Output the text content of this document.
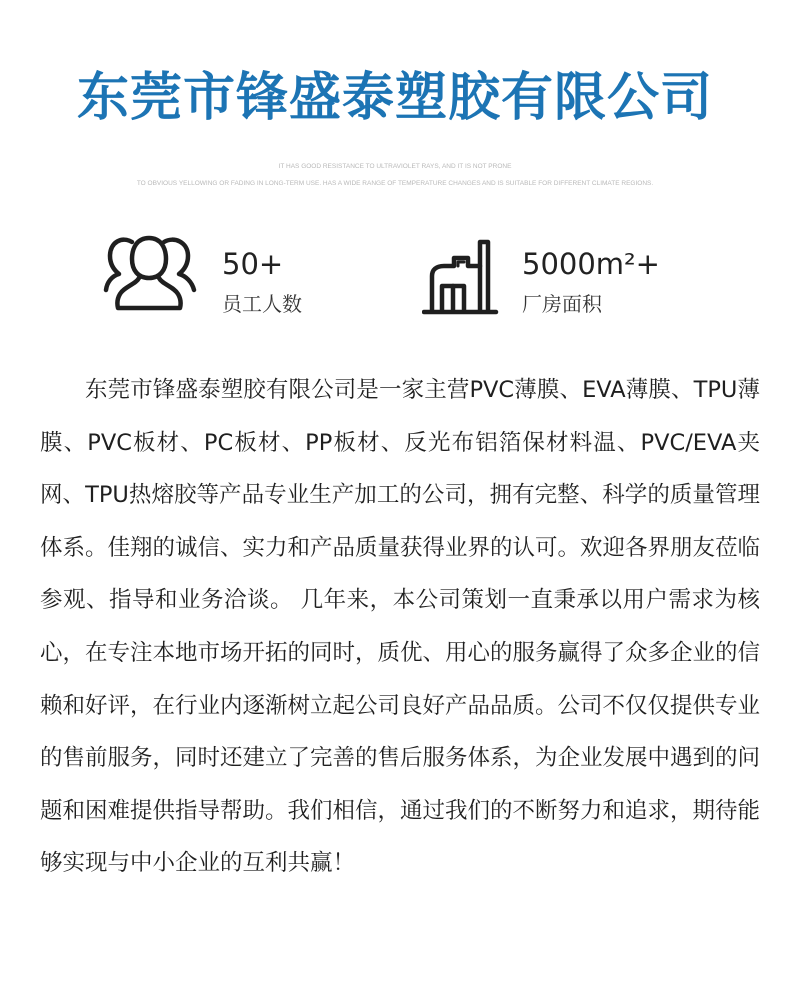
东莞市锋盛泰塑胶有限公司

IT HAS GOOD RESISTANCE TO ULTRAVIOLET RAYS, AND IT IS NOT PRONE

TO OBVIOUS YELLOWING OR FADING IN LONG-TERM USE. HAS A WIDE RANGE OF TEMPERATURE CHANGES AND IS SUITABLE FOR DIFFERENT CLIMATE REGIONS.

50+
员工人数
5000m²+
厂房面积

东莞市锋盛泰塑胶有限公司是一家主营PVC薄膜、EVA薄膜、TPU薄膜、PVC板材、PC板材、PP板材、反光布铝箔保材料温、PVC/EVA夹网、TPU热熔胶等产品专业生产加工的公司，拥有完整、科学的质量管理体系。佳翔的诚信、实力和产品质量获得业界的认可。欢迎各界朋友莅临参观、指导和业务洽谈。 几年来，本公司策划一直秉承以用户需求为核心，在专注本地市场开拓的同时，质优、用心的服务赢得了众多企业的信赖和好评，在行业内逐渐树立起公司良好产品品质。公司不仅仅提供专业的售前服务，同时还建立了完善的售后服务体系，为企业发展中遇到的问题和困难提供指导帮助。我们相信，通过我们的不断努力和追求，期待能够实现与中小企业的互利共赢！
